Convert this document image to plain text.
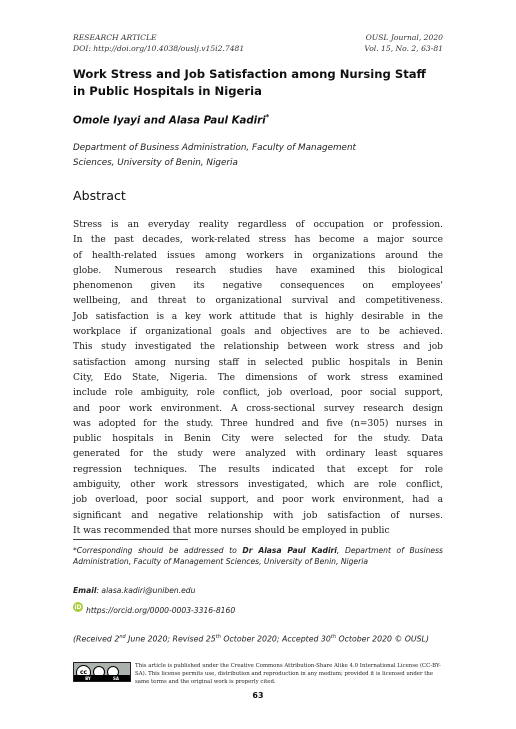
RESEARCH ARTICLE
DOI: http://doi.org/10.4038/ouslj.v15i2.7481
OUSL Journal, 2020
Vol. 15, No. 2, 63-81
Work Stress and Job Satisfaction among Nursing Staff
in Public Hospitals in Nigeria
Omole Iyayi and Alasa Paul Kadiri*
Department of Business Administration, Faculty of Management
Sciences, University of Benin, Nigeria
Abstract
Stress is an everyday reality regardless of occupation or profession.
In the past decades, work-related stress has become a major source
of health-related issues among workers in organizations around the
globe. Numerous research studies have examined this biological
phenomenon given its negative consequences on employees'
wellbeing, and threat to organizational survival and competitiveness.
Job satisfaction is a key work attitude that is highly desirable in the
workplace if organizational goals and objectives are to be achieved.
This study investigated the relationship between work stress and job
satisfaction among nursing staff in selected public hospitals in Benin
City, Edo State, Nigeria. The dimensions of work stress examined
include role ambiguity, role conflict, job overload, poor social support,
and poor work environment. A cross-sectional survey research design
was adopted for the study. Three hundred and five (n=305) nurses in
public hospitals in Benin City were selected for the study. Data
generated for the study were analyzed with ordinary least squares
regression techniques. The results indicated that except for role
ambiguity, other work stressors investigated, which are role conflict,
job overload, poor social support, and poor work environment, had a
significant and negative relationship with job satisfaction of nurses.
It was recommended that more nurses should be employed in public
*Corresponding should be addressed to Dr Alasa Paul Kadiri, Department of Business Administration, Faculty of Management Sciences, University of Benin, Nigeria
Email: alasa.kadiri@uniben.edu
iD https://orcid.org/0000-0003-3316-8160
(Received 2nd June 2020; Revised 25th October 2020; Accepted 30th October 2020 © OUSL)
cc
BY	SA
This article is published under the Creative Commons Attribution-Share Alike 4.0 International License (CC-BY-SA). This license permits use, distribution and reproduction in any medium; provided it is licensed under the same terms and the original work is properly cited.
63
